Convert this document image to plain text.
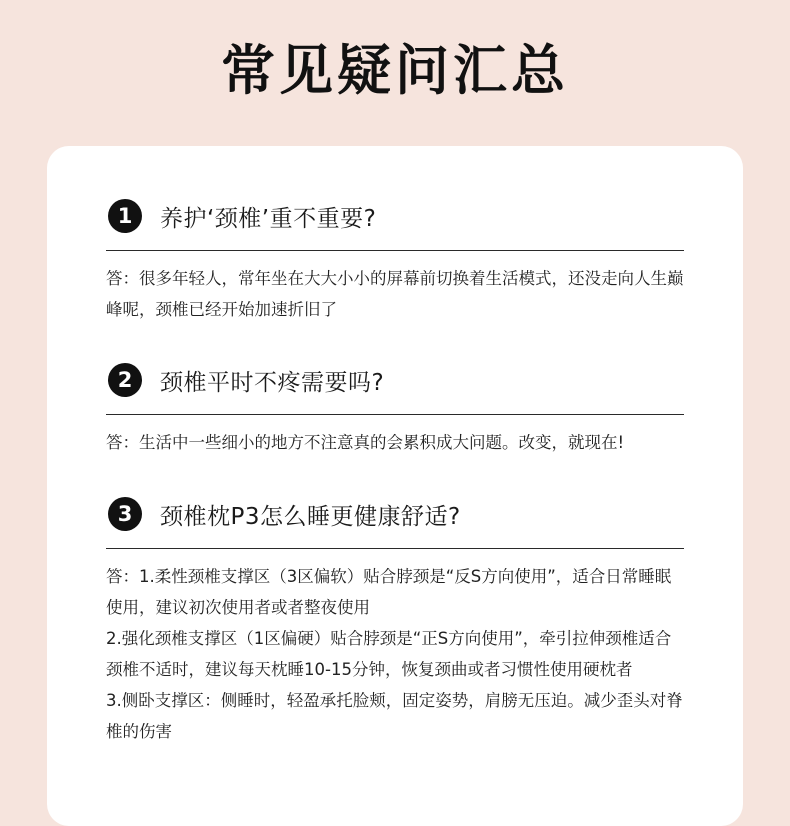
常见疑问汇总
1	养护‘颈椎’重不重要?

答：很多年轻人，常年坐在大大小小的屏幕前切换着生活模式，还没走向人生巅峰呢，颈椎已经开始加速折旧了

2	颈椎平时不疼需要吗?

答：生活中一些细小的地方不注意真的会累积成大问题。改变，就现在!

3	颈椎枕P3怎么睡更健康舒适?

答：1.柔性颈椎支撑区（3区偏软）贴合脖颈是“反S方向使用”，适合日常睡眠使用，建议初次使用者或者整夜使用

2.强化颈椎支撑区（1区偏硬）贴合脖颈是“正S方向使用”，牵引拉伸颈椎适合颈椎不适时，建议每天枕睡10-15分钟，恢复颈曲或者习惯性使用硬枕者

3.侧卧支撑区：侧睡时，轻盈承托脸颊，固定姿势，肩膀无压迫。减少歪头对脊椎的伤害
